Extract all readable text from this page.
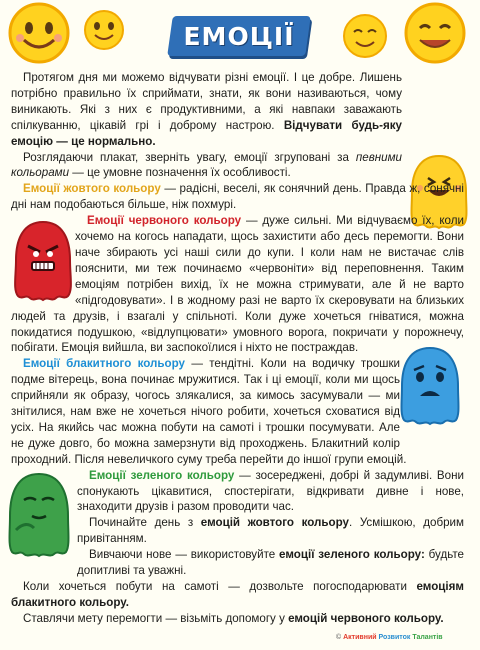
ЕМОЦІЇ

Протягом дня ми можемо відчувати різні емоції. І це добре. Лишень потрібно правильно їх сприймати, знати, як вони називаються, чому виникають. Які з них є продуктивними, а які навпаки заважають спілкуванню, цікавій грі і доброму настрою. Відчувати будь-яку емоцію — це нормально.

Розглядаючи плакат, зверніть увагу, емоції згруповані за певними кольорами — це умовне позначення їх особливості.

Емоції жовтого кольору — радісні, веселі, як сонячний день. Правда ж, сонячні дні нам подобаються більше, ніж похмурі.

Емоції червоного кольору — дуже сильні. Ми відчуваємо їх, коли хочемо на когось нападати, щось захистити або десь перемогти. Вони наче збирають усі наші сили до купи. І коли нам не вистачає слів пояснити, ми теж починаємо «червоніти» від переповнення. Таким емоціям потрібен вихід, їх не можна стримувати, але й не варто «підгодовувати». І в жодному разі не варто їх скеровувати на близьких людей та друзів, і взагалі у спільноті. Коли дуже хочеться гніватися, можна покидатися подушкою, «відлупцювати» умовного ворога, покричати у порожнечу, побігати. Емоція вийшла, ви заспокоїлися і ніхто не постраждав.

Емоції блакитного кольору — тендітні. Коли на водичку трошки подме вітерець, вона починає мружитися. Так і ці емоції, коли ми щось сприйняли як образу, чогось злякалися, за кимось засумували — ми знітилися, нам вже не хочеться нічого робити, хочеться сховатися від усіх. На якийсь час можна побути на самоті і трошки посумувати. Але не дуже довго, бо можна замерзнути від проходжень. Блакитний колір проходний. Після невеличкого суму треба перейти до іншої групи емоцій.

Емоції зеленого кольору — зосереджені, добрі й задумливі. Вони спонукають цікавитися, спостерігати, відкривати дивне і нове, знаходити друзів і разом проводити час.

Починайте день з емоцій жовтого кольору. Усмішкою, добрим привітанням.

Вивчаючи нове — використовуйте емоції зеленого кольору: будьте допитливі та уважні.

Коли хочеться побути на самоті — дозвольте погосподарювати емоціям блакитного кольору.

Ставлячи мету перемогти — візьміть допомогу у емоцій червоного кольору.

© Активний Розвиток Талантів
